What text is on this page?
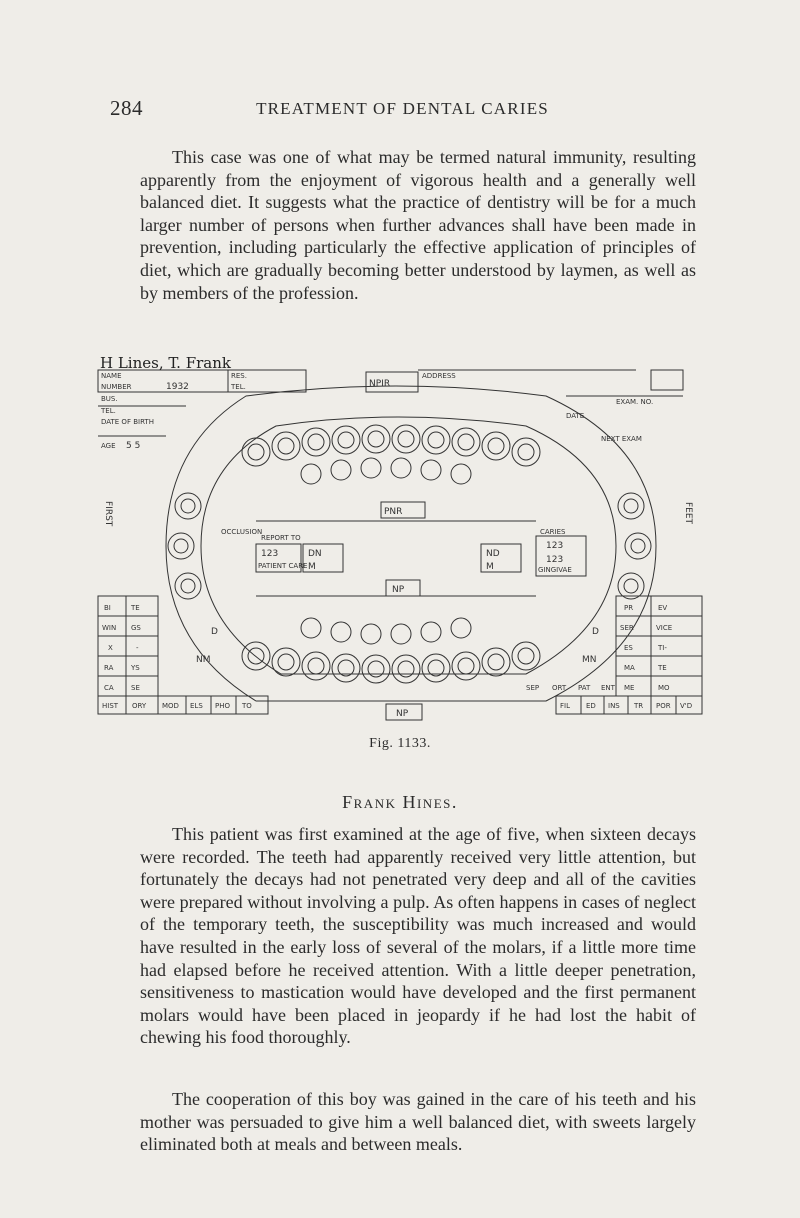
284	TREATMENT OF DENTAL CARIES

This case was one of what may be termed natural immunity, resulting apparently from the enjoyment of vigorous health and a generally well balanced diet. It suggests what the practice of dentistry will be for a much larger number of persons when further advances shall have been made in prevention, including particularly the effective application of principles of diet, which are gradually becoming better understood by laymen, as well as by members of the profession.

H Lines, T. Frank
NAME
NUMBER	1932
RES.
TEL.
BUS.
TEL.
DATE OF BIRTH
AGE 5 5
NPIR
ADDRESS
EXAM. NO.
DATE
NEXT EXAM
PNR
OCCLUSION
REPORT TO
123
PATIENT CARE
DN
M
ND
M
CARIES
123
123
GINGIVAE
NP
NP
D
NM
D
MN
FIRST	FEET
BI	TE
WIN GS
X	-
RA	YS
CA SE
HIST ORY MOD ELS PHO TO
PR	EV
SER	VICE
ES	TI-
MA	TE
ME	MO
SEP ORT PAT ENT
FIL ED INS TR POR V'D
Fig. 1133.
Frank Hines.

This patient was first examined at the age of five, when sixteen decays were recorded. The teeth had apparently received very little attention, but fortunately the decays had not penetrated very deep and all of the cavities were prepared without involving a pulp. As often happens in cases of neglect of the temporary teeth, the susceptibility was much increased and would have resulted in the early loss of several of the molars, if a little more time had elapsed before he received attention. With a little deeper penetration, sensitiveness to mastication would have developed and the first permanent molars would have been placed in jeopardy if he had lost the habit of chewing his food thoroughly.

The cooperation of this boy was gained in the care of his teeth and his mother was persuaded to give him a well balanced diet, with sweets largely eliminated both at meals and between meals.
